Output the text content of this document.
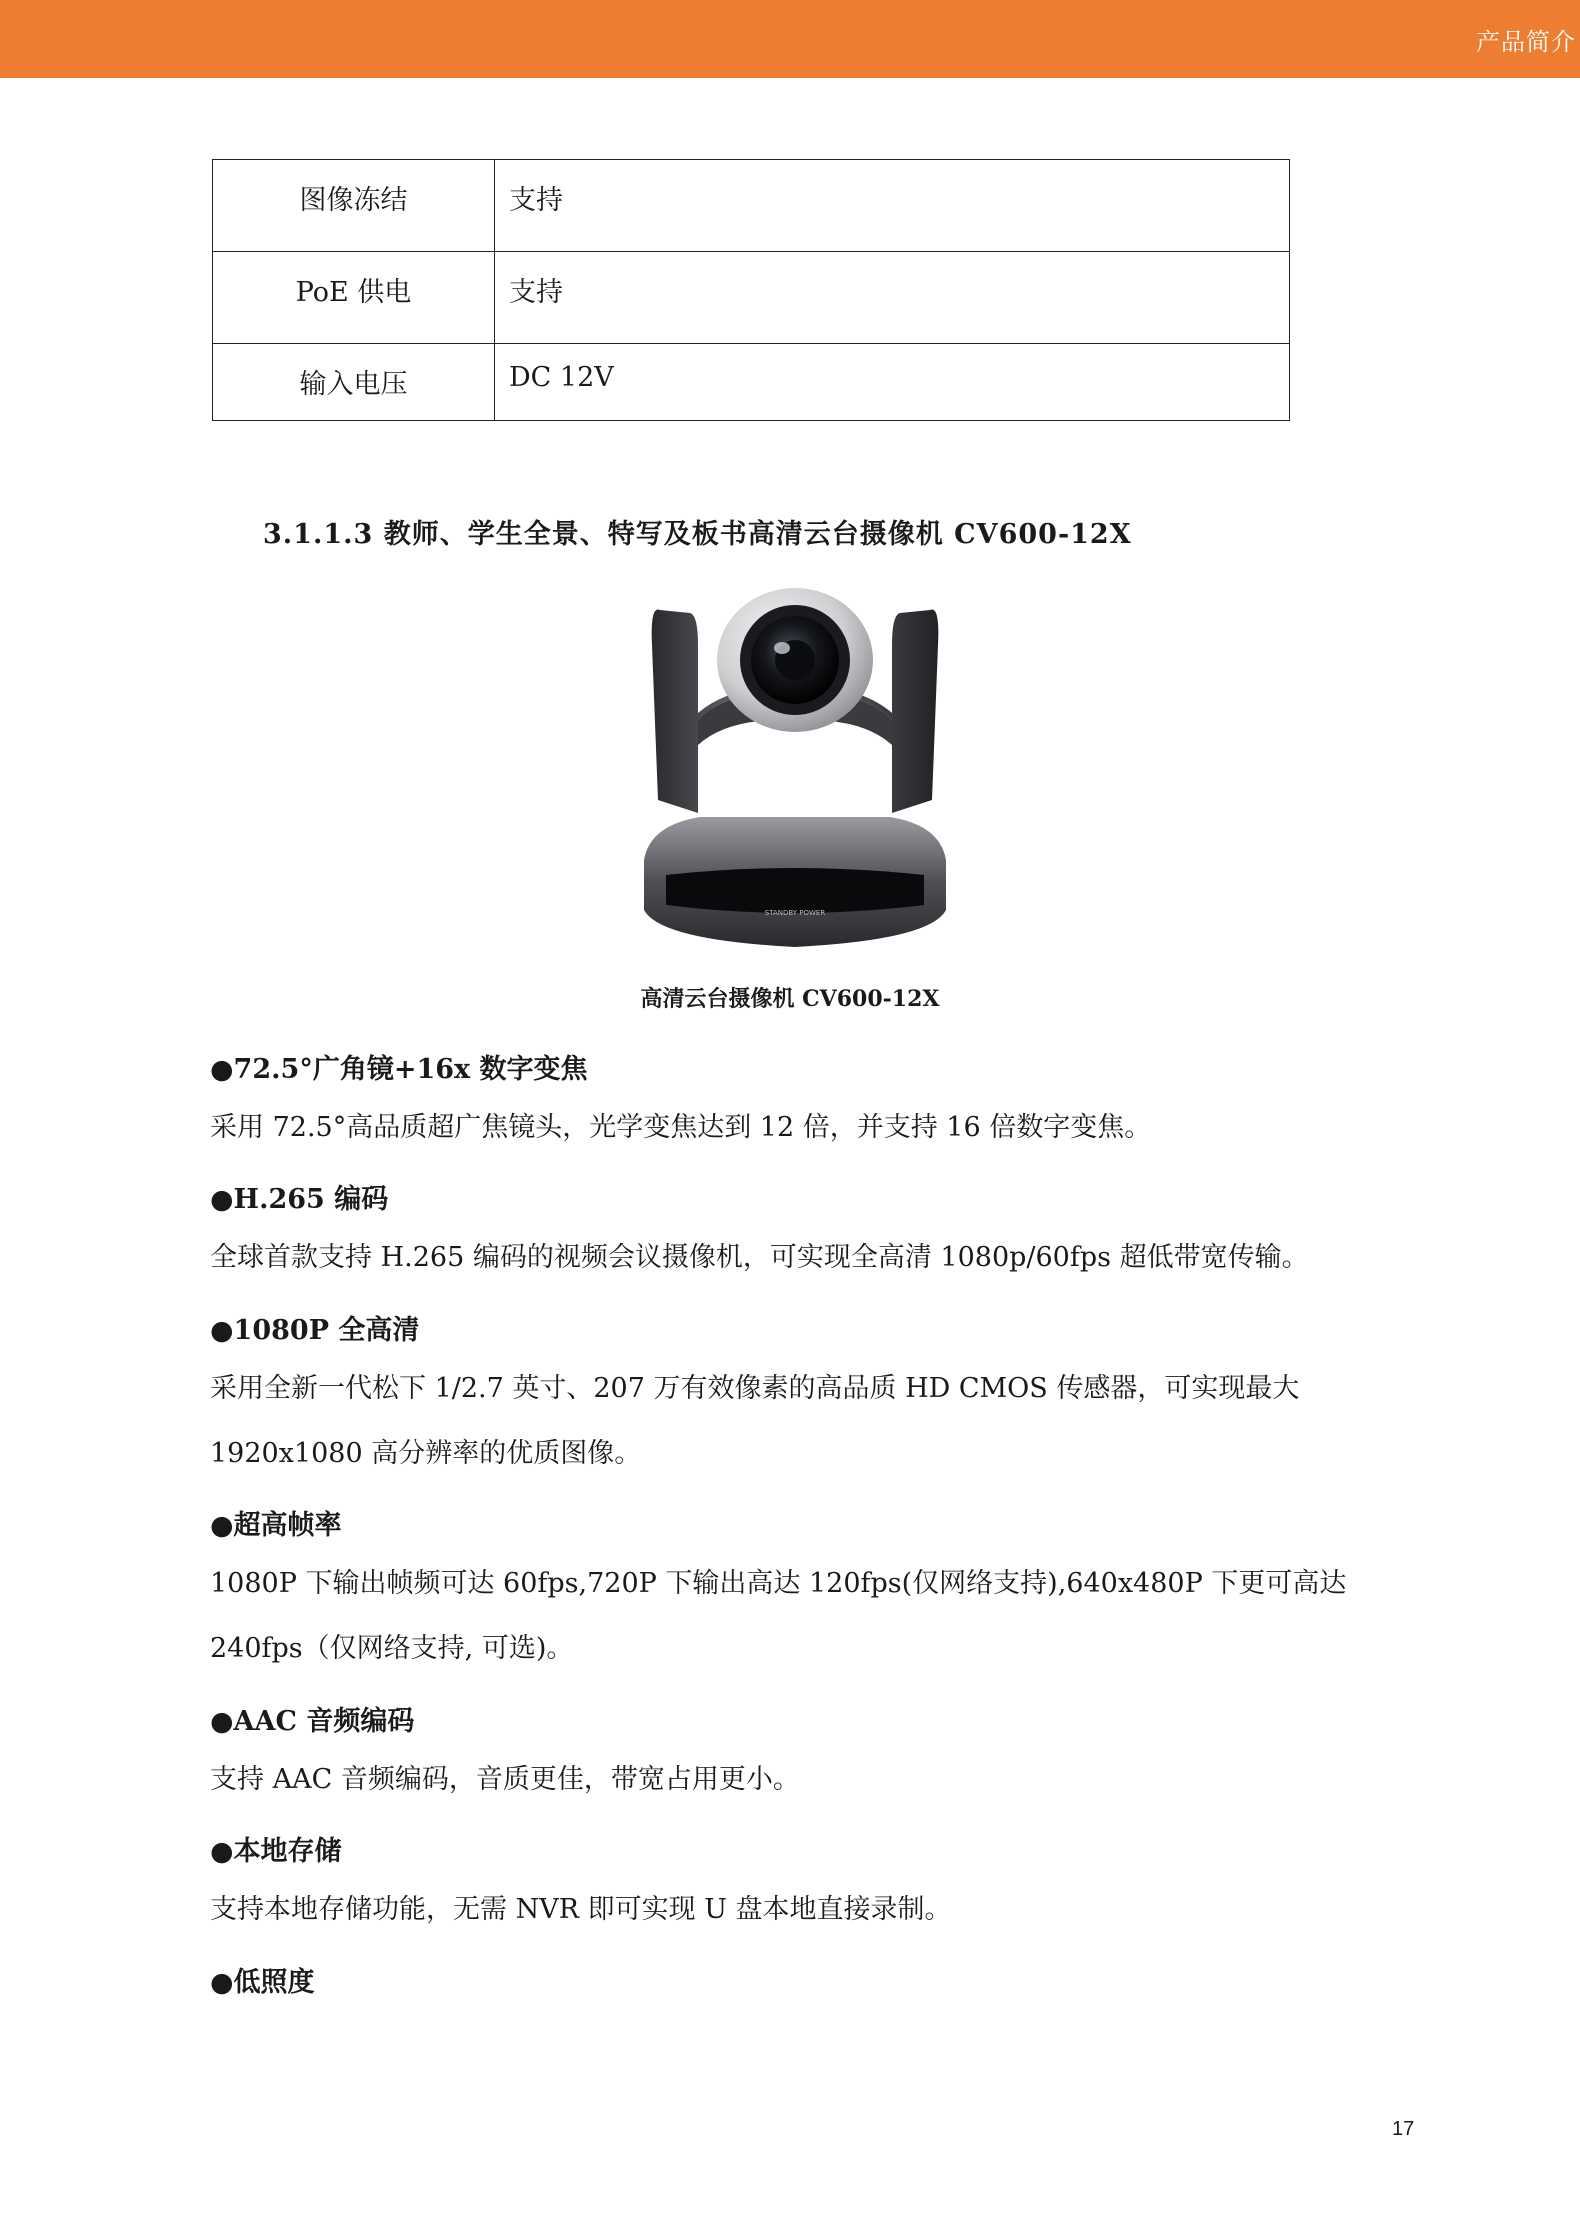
产品简介
图像冻结	支持

PoE 供电	支持

输入电压	DC 12V
3.1.1.3 教师、学生全景、特写及板书高清云台摄像机 CV600-12X
STANDBY POWER
高清云台摄像机 CV600-12X
●72.5°广角镜+16x 数字变焦
采用 72.5°高品质超广焦镜头，光学变焦达到 12 倍，并支持 16 倍数字变焦。
●H.265 编码
全球首款支持 H.265 编码的视频会议摄像机，可实现全高清 1080p/60fps 超低带宽传输。
●1080P 全高清
采用全新一代松下 1/2.7 英寸、207 万有效像素的高品质 HD CMOS 传感器，可实现最大 1920x1080 高分辨率的优质图像。
●超高帧率
1080P 下输出帧频可达 60fps,720P 下输出高达 120fps(仅网络支持),640x480P 下更可高达 240fps（仅网络支持, 可选)。
●AAC 音频编码
支持 AAC 音频编码，音质更佳，带宽占用更小。
●本地存储
支持本地存储功能，无需 NVR 即可实现 U 盘本地直接录制。
●低照度
17
